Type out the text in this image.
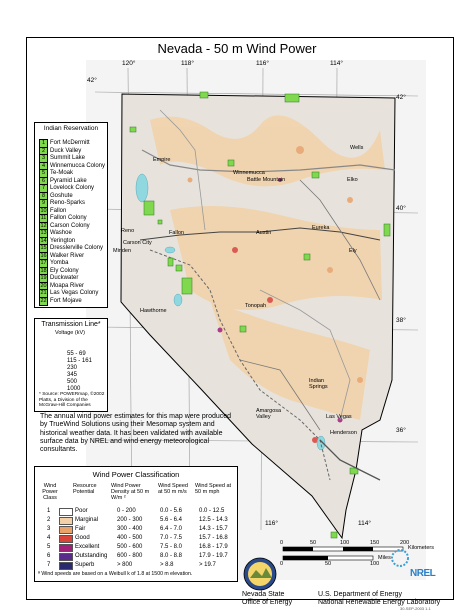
Nevada - 50 m Wind Power
120°	118°	116°	114°
116°	114°
42°
42°
40°
38°
36°
Winnemucca
Elko
Wells
Battle Mountain
Empire
Reno
Carson City
Fallon	Austin
Eureka
Ely
Minden
Hawthorne
Tonopah
Amargosa Valley
Indian Springs
Las Vegas
Henderson
Indian Reservation
1 Fort McDermitt
2 Duck Valley
3 Summit Lake
4 Winnemucca Colony
5 Te-Moak
6 Pyramid Lake
7 Lovelock Colony
8 Goshute
9 Reno-Sparks
10 Fallon
11 Fallon Colony
12 Carson Colony
13 Washoe
14 Yerington
15 Dresslerville Colony
16 Walker River
17 Yomba
18 Ely Colony
19 Duckwater
20 Moapa River
21 Las Vegas Colony
22 Fort Mojave
Transmission Line*
Voltage (kV)
55 - 69
115 - 161
230
345
500
1000
* Source: POWERmap, ©2002 Platts, a Division of the McGraw-Hill Companies
The annual wind power estimates for this map were produced by TrueWind Solutions using their Mesomap system and historical weather data. It has been validated with available surface data by NREL and wind energy meteorological consultants.
Wind Power Classification
Wind Power Class
Resource Potential
Wind Power Density at 50 m W/m ²
Wind Speed at 50 m m/s
Wind Speed at 50 m mph
1	Poor	0 - 200	0.0 - 5.6	0.0 - 12.5
2	Marginal	200 - 300	5.6 - 6.4	12.5 - 14.3
3	Fair	300 - 400	6.4 - 7.0	14.3 - 15.7
4	Good	400 - 500	7.0 - 7.5	15.7 - 16.8
5	Excellent	500 - 600	7.5 - 8.0	16.8 - 17.9
6	Outstanding 600 - 800	8.0 - 8.8	17.9 - 19.7
7	Superb	> 800	> 8.8	> 19.7
ª Wind speeds are based on a Weibull k of 1.8 at 1500 m elevation.
0	50	100	150	200
Kilometers
0	50	100
Miles
Nevada State
Office of Energy
U.S. Department of Energy
National Renewable Energy Laboratory
NREL
30-SEP-2003 1.1
